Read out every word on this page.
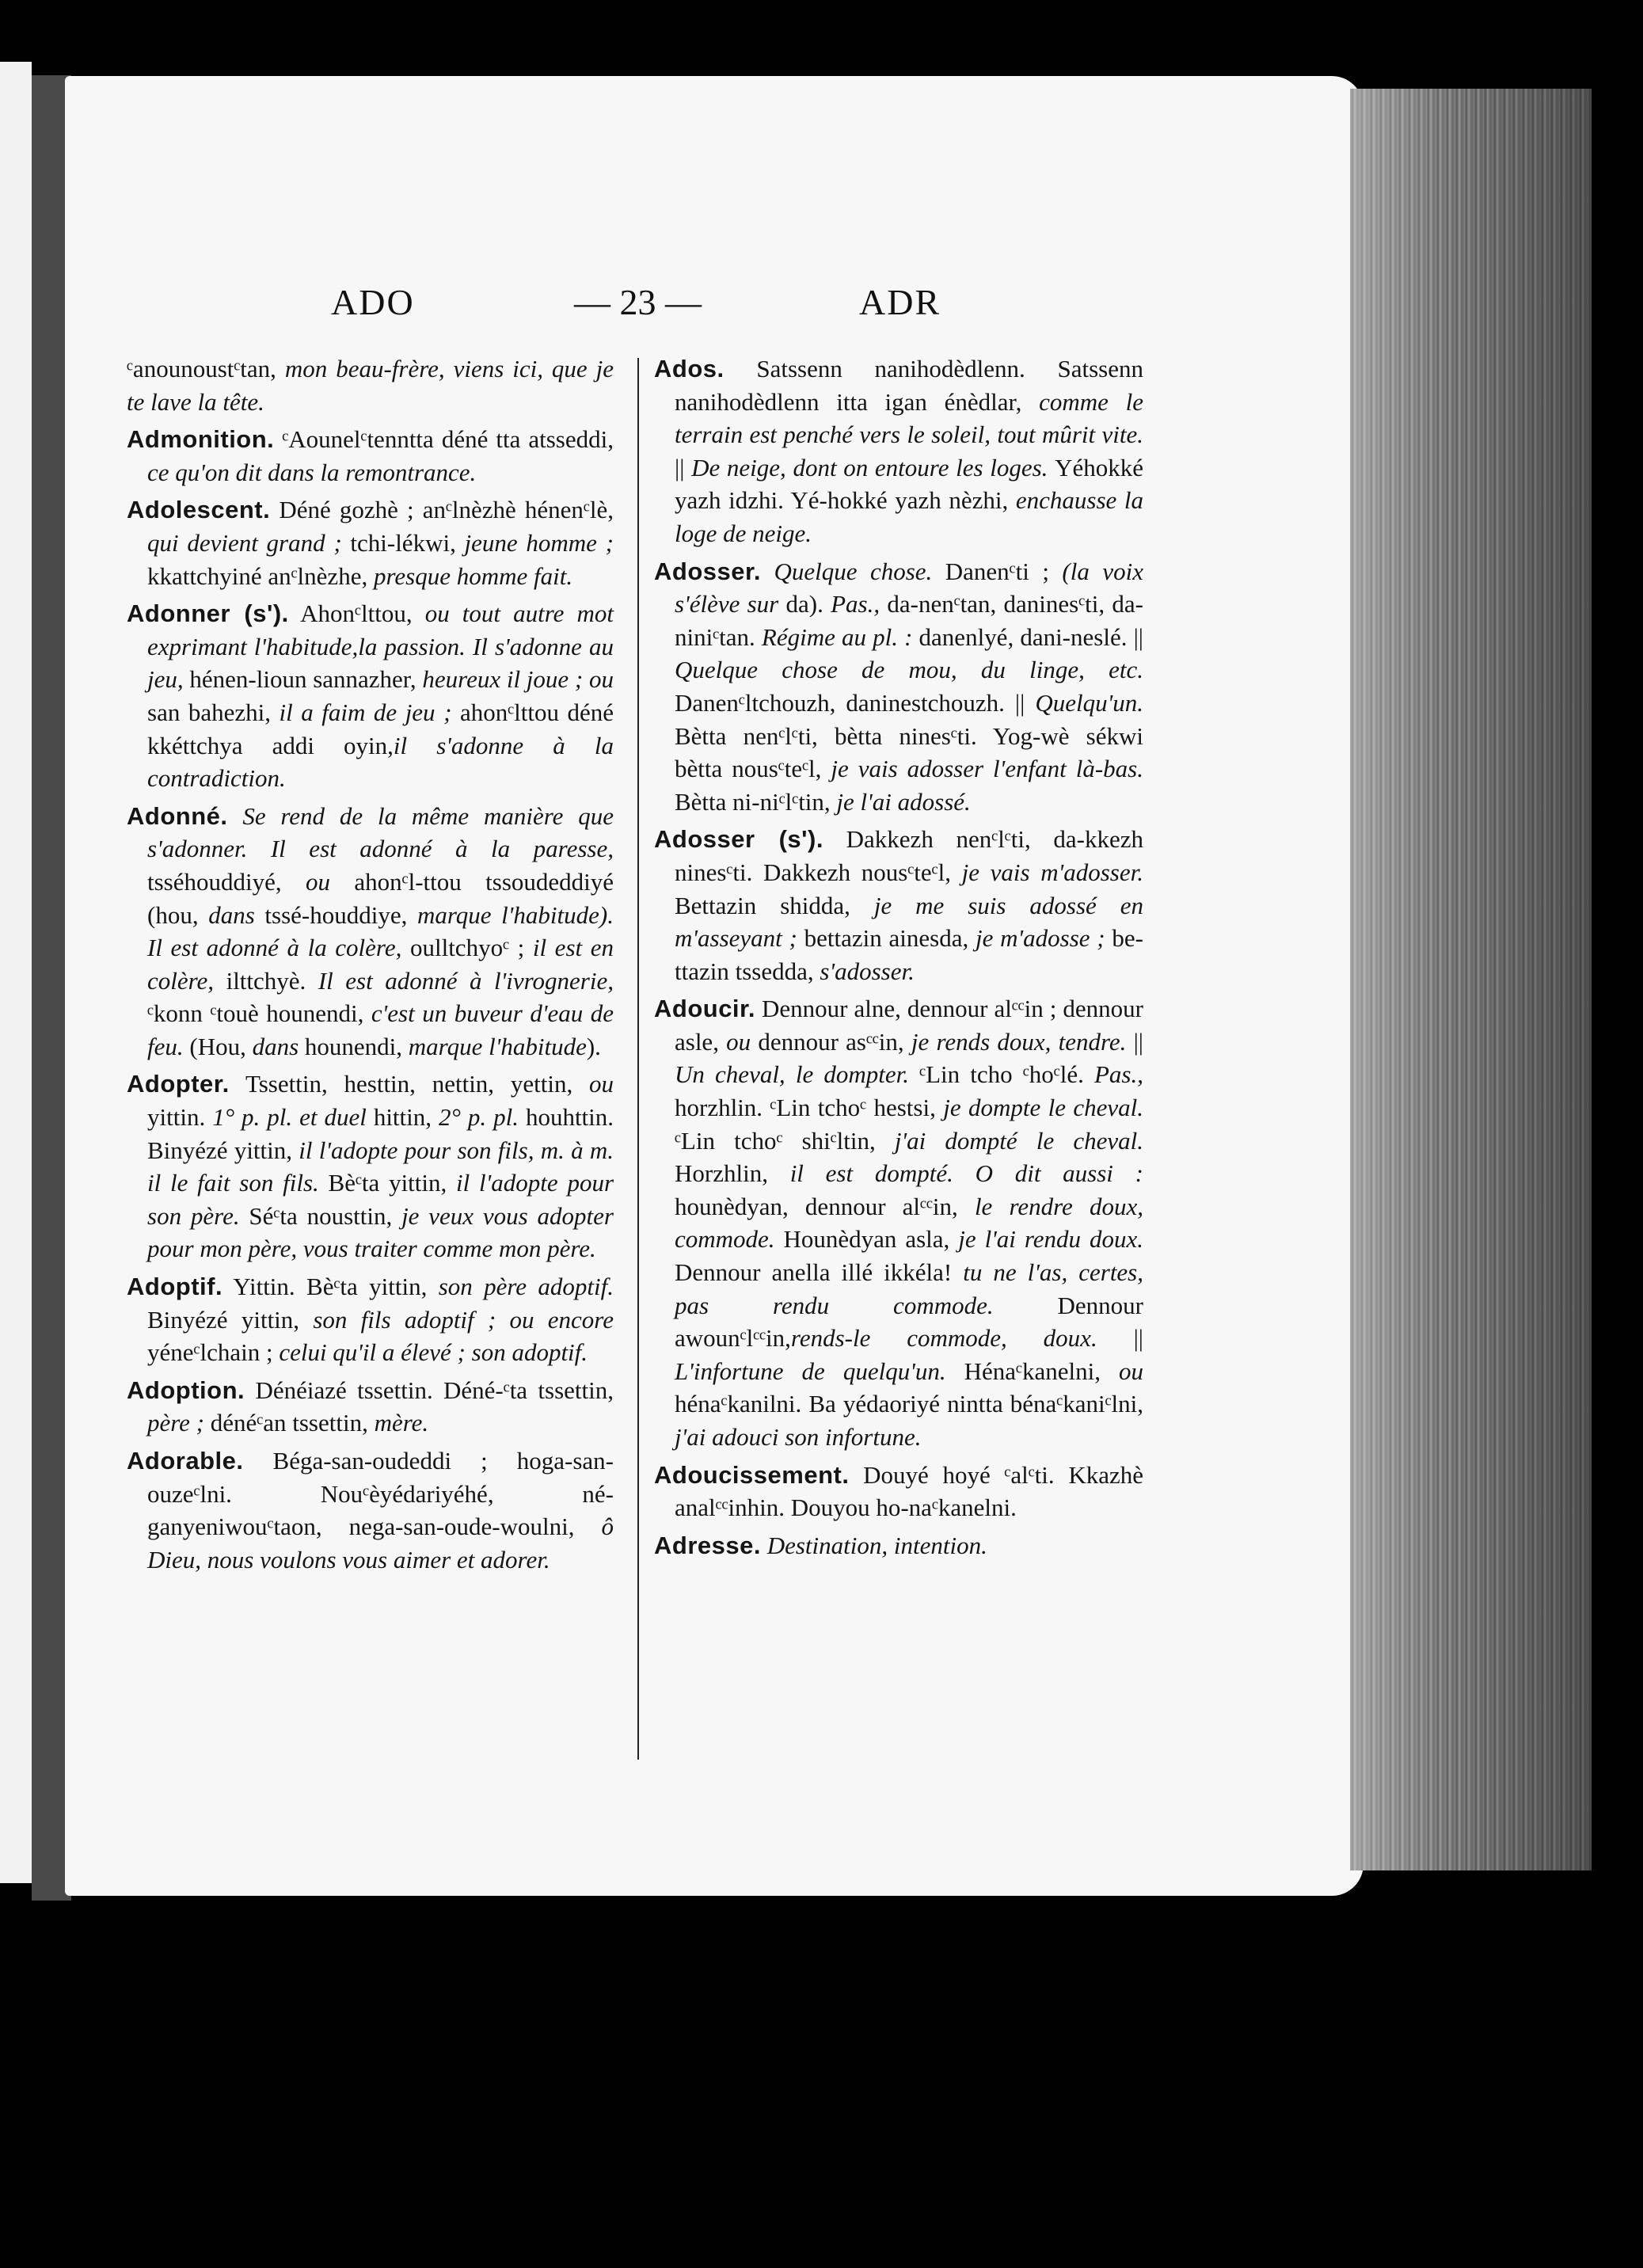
ADO	— 23 —	ADR

ᶜanounoustᶜtan, mon beau-frère, viens ici, que je te lave la tête.

Admonition. ᶜAounelᶜtenntta déné tta atsseddi, ce qu'on dit dans la remontrance.

Adolescent. Déné gozhè ; anᶜlnèzhè hénenᶜlè, qui devient grand ; tchi-lékwi, jeune homme ; kkattchyiné anᶜlnèzhe, presque homme fait.

Adonner (s'). Ahonᶜlttou, ou tout autre mot exprimant l'habitude,la passion. Il s'adonne au jeu, hénen-lioun sannazher, heureux il joue ; ou san bahezhi, il a faim de jeu ; ahonᶜlttou déné kkéttchya addi oyin,il s'adonne à la contradiction.

Adonné. Se rend de la même manière que s'adonner. Il est adonné à la paresse, tsséhouddiyé, ou ahonᶜl-ttou tssoudeddiyé (hou, dans tssé-houddiye, marque l'habitude). Il est adonné à la colère, oulltchyoᶜ ; il est en colère, ilttchyè. Il est adonné à l'ivrognerie, ᶜkonn ᶜtouè hounendi, c'est un buveur d'eau de feu. (Hou, dans hounendi, marque l'habitude).

Adopter. Tssettin, hesttin, nettin, yettin, ou yittin. 1° p. pl. et duel hittin, 2° p. pl. houhttin. Binyézé yittin, il l'adopte pour son fils, m. à m. il le fait son fils. Bèᶜta yittin, il l'adopte pour son père. Séᶜta nousttin, je veux vous adopter pour mon père, vous traiter comme mon père.

Adoptif. Yittin. Bèᶜta yittin, son père adoptif. Binyézé yittin, son fils adoptif ; ou encore yéneᶜlchain ; celui qu'il a élevé ; son adoptif.

Adoption. Dénéiazé tssettin. Déné-ᶜta tssettin, père ; dénéᶜan tssettin, mère.

Adorable. Béga-san-oudeddi ; hoga-san-ouzeᶜlni. Nouᶜèyédariyéhé, né-ganyeniwouᶜtaon, nega-san-oude-woulni, ô Dieu, nous voulons vous aimer et adorer.

Ados. Satssenn nanihodèdlenn. Satssenn nanihodèdlenn itta igan énèdlar, comme le terrain est penché vers le soleil, tout mûrit vite. || De neige, dont on entoure les loges. Yéhokké yazh idzhi. Yé-hokké yazh nèzhi, enchausse la loge de neige.

Adosser. Quelque chose. Danenᶜti ; (la voix s'élève sur da). Pas., da-nenᶜtan, daninesᶜti, da-niniᶜtan. Régime au pl. : danenlyé, dani-neslé. || Quelque chose de mou, du linge, etc. Danenᶜltchouzh, daninestchouzh. || Quelqu'un. Bètta nenᶜlᶜti, bètta ninesᶜti. Yog-wè sékwi bètta nousᶜteᶜl, je vais adosser l'enfant là-bas. Bètta ni-niᶜlᶜtin, je l'ai adossé.

Adosser (s'). Dakkezh nenᶜlᶜti, da-kkezh ninesᶜti. Dakkezh nousᶜteᶜl, je vais m'adosser. Bettazin shidda, je me suis adossé en m'asseyant ; bettazin ainesda, je m'adosse ; be-ttazin tssedda, s'adosser.

Adoucir. Dennour alne, dennour alᶜᶜin ; dennour asle, ou dennour asᶜᶜin, je rends doux, tendre. || Un cheval, le dompter. ᶜLin tcho ᶜhoᶜlé. Pas., horzhlin. ᶜLin tchoᶜ hestsi, je dompte le cheval. ᶜLin tchoᶜ shiᶜltin, j'ai dompté le cheval. Horzhlin, il est dompté. O dit aussi : hounèdyan, dennour alᶜᶜin, le rendre doux, commode. Hounèdyan asla, je l'ai rendu doux. Dennour anella illé ikkéla! tu ne l'as, certes, pas rendu commode. Dennour awounᶜlᶜᶜin,rends-le commode, doux. || L'infortune de quelqu'un. Hénaᶜkanelni, ou hénaᶜkanilni. Ba yédaoriyé nintta bénaᶜkaniᶜlni, j'ai adouci son infortune.

Adoucissement. Douyé hoyé ᶜalᶜti. Kkazhè analᶜᶜinhin. Douyou ho-naᶜkanelni.

Adresse. Destination, intention.
